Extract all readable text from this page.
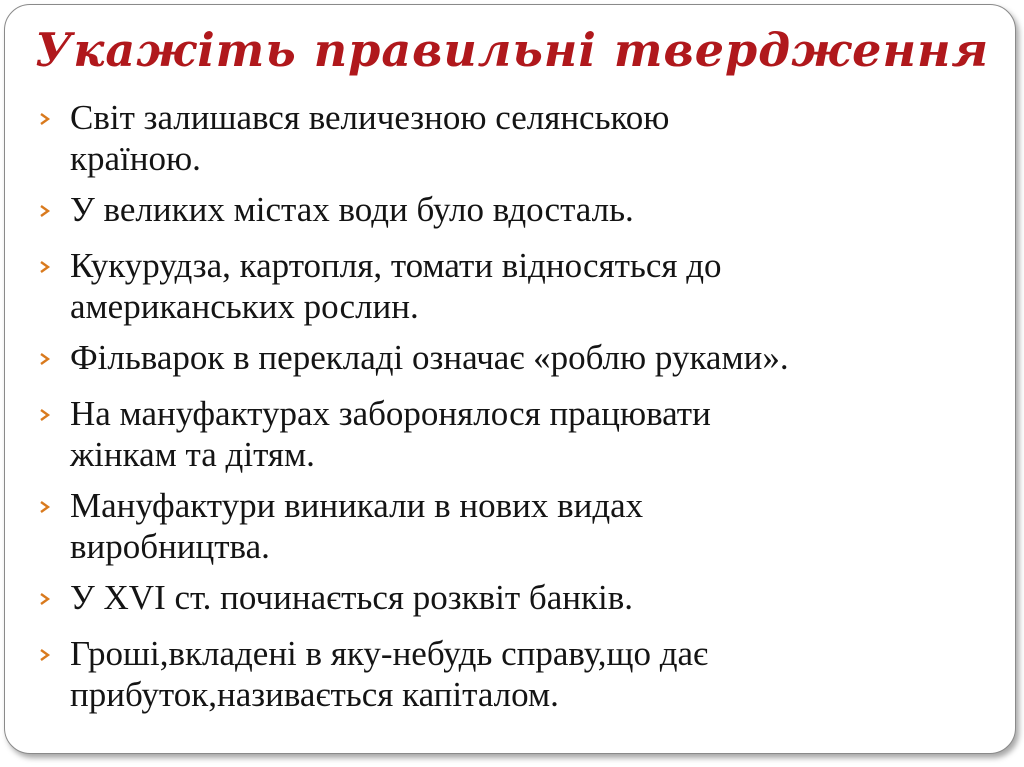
Укажіть правильні твердження

Світ залишався величезною селянською
країною.

У великих містах води було вдосталь.

Кукурудза, картопля, томати відносяться до
американських рослин.

Фільварок в перекладі означає «роблю руками».

На мануфактурах заборонялося працювати
жінкам та дітям.

Мануфактури виникали в нових видах
виробництва.

У XVI ст. починається розквіт банків.

Гроші,вкладені в яку-небудь справу,що дає
прибуток,називається капіталом.
